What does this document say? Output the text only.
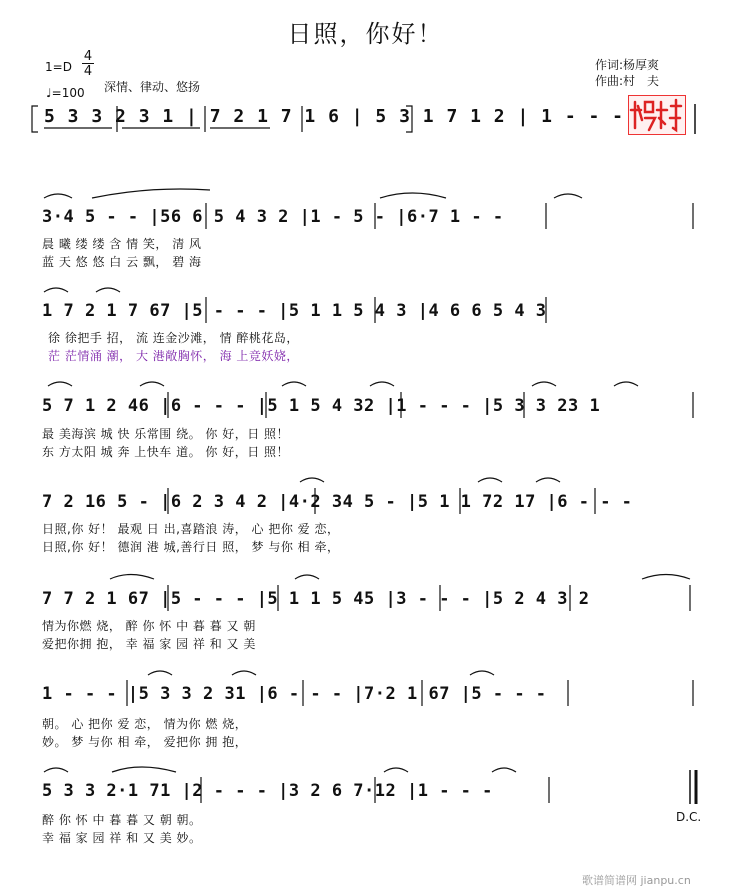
日照，你好！
1=D
4
4
♩=100 深情、律动、悠扬
作词:杨厚爽
作曲:村　夫
5 3 3 2 3 1 | 7 2 1 7 1 6 | 5 3 1 7 1 2 | 1 - - -
3·4 5 - - |56 6 5 4 3 2 |1 - 5 - |6·7 1 - -
晨 曦 缕 缕 含 情 笑， 清 风
蓝 天 悠 悠 白 云 飘， 碧 海
1 7 2 1 7 67 |5 - - - |5 1 1 5 4 3 |4 6 6 5 4 3
徐 徐把手 招， 流 连金沙滩， 情 醉桃花岛，
茫 茫情涌 潮， 大 港敞胸怀， 海 上竞妖娆，
5 7 1 2 46 |6 - - - |5 1 5 4 32 |1 - - - |5 3 3 23 1
最 美海滨 城 快 乐常围 绕。 你 好，日 照！
东 方太阳 城 奔 上快车 道。 你 好，日 照！
7 2 16 5 - |6 2 3 4 2 |4·2 34 5 - |5 1 1 72 17 |6 - - -
日照,你 好！ 最观 日 出,喜踏浪 涛， 心 把你 爱 恋，
日照,你 好！ 德润 港 城,善行日 照， 梦 与你 相 牵，
7 7 2 1 67 |5 - - - |5 1 1 5 45 |3 - - - |5 2 4 3 2
情为你燃 烧， 醉 你 怀 中 暮 暮 又 朝
爱把你拥 抱， 幸 福 家 园 祥 和 又 美
1 - - - |5 3 3 2 31 |6 - - - |7·2 1 67 |5 - - -
朝。 心 把你 爱 恋， 情为你 燃 烧，
妙。 梦 与你 相 牵， 爱把你 拥 抱，
5 3 3 2·1 71 |2 - - - |3 2 6 7·12 |1 - - -
醉 你 怀 中 暮 暮 又 朝 朝。
幸 福 家 园 祥 和 又 美 妙。
D.C.
歌谱简谱网 jianpu.cn
